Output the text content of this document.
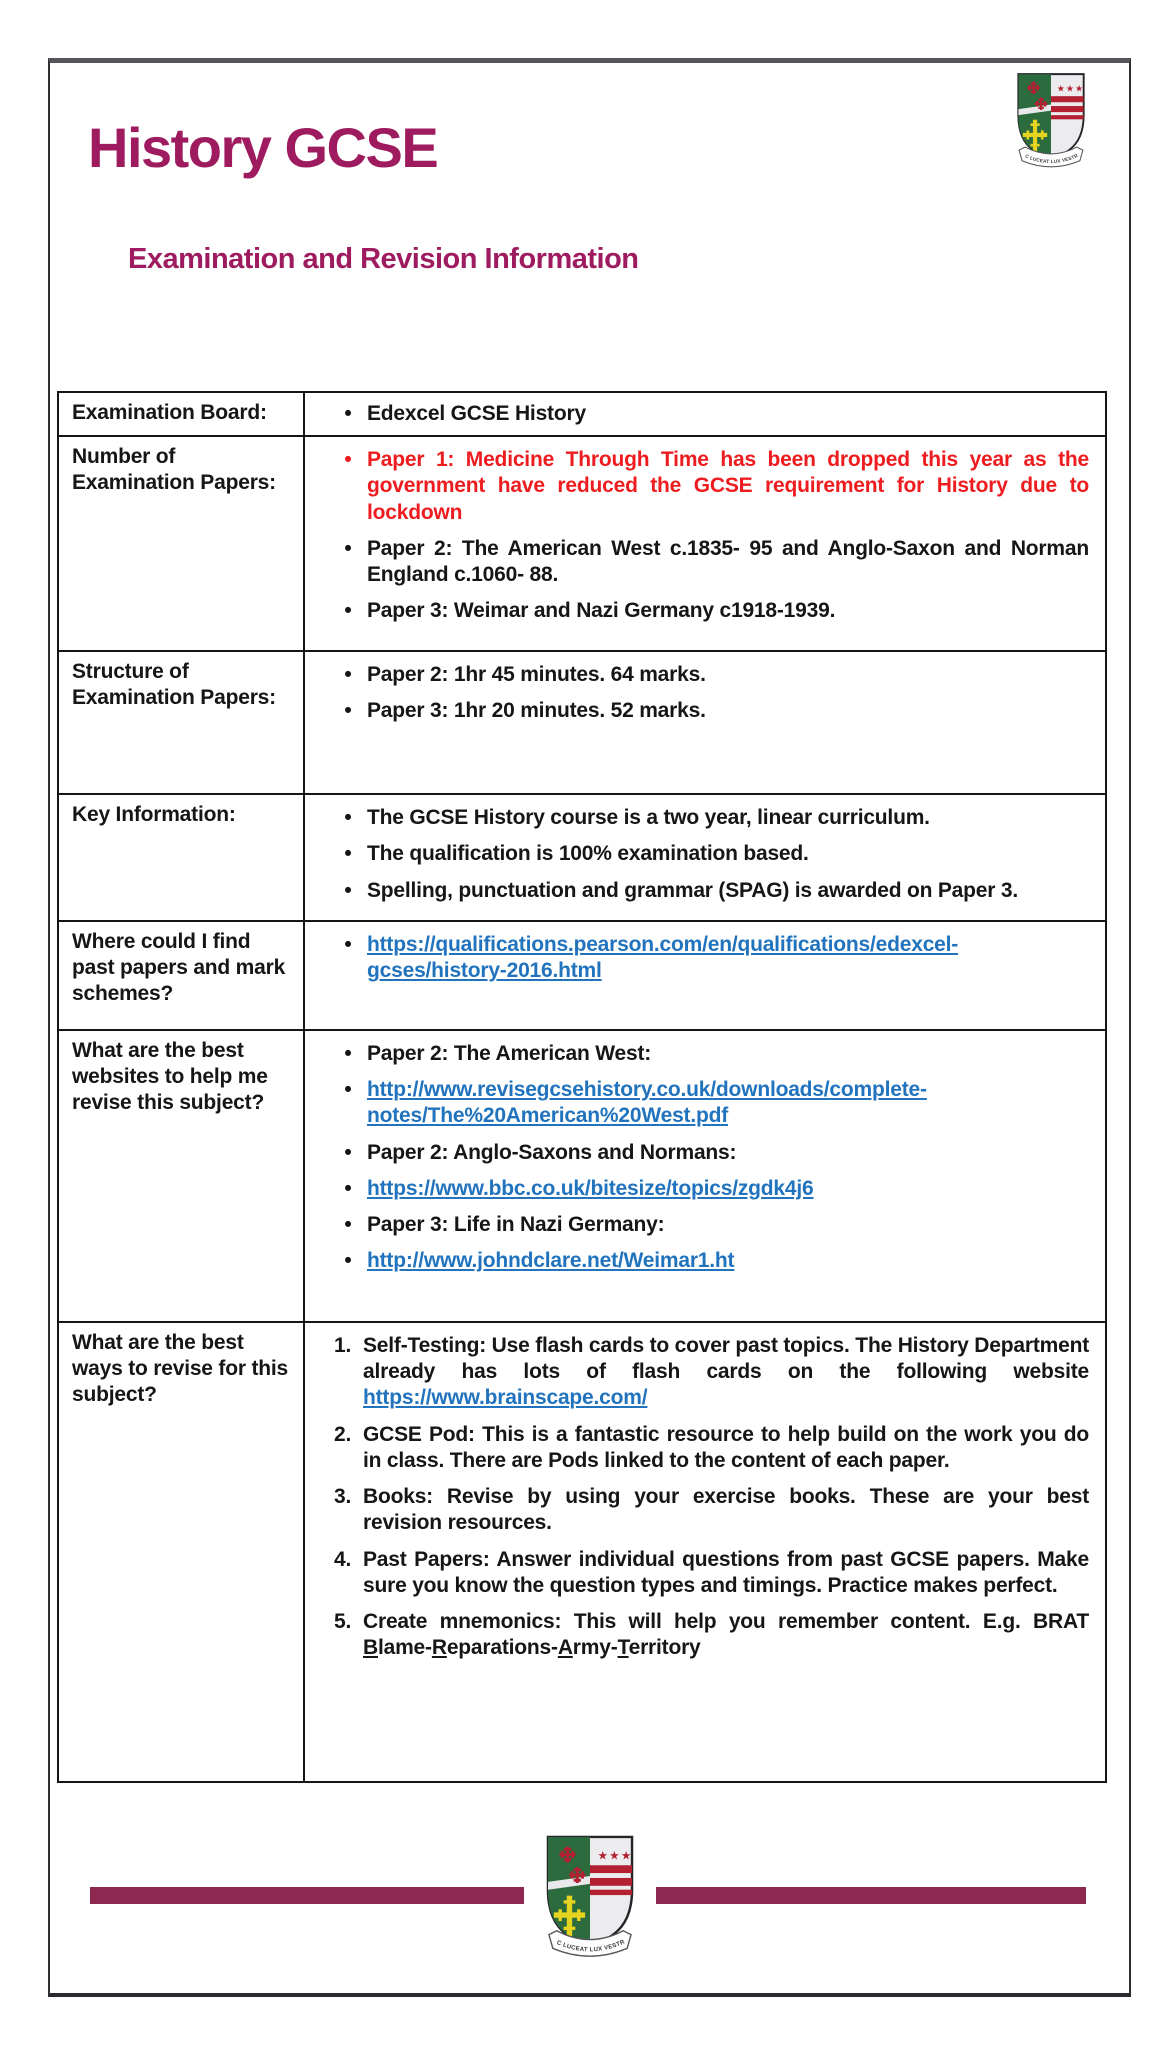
History GCSE
Examination and Revision Information
Examination Board:	• Edexcel GCSE History
Number of Examination Papers:
• Paper 1: Medicine Through Time has been dropped this year as the government have reduced the GCSE requirement for History due to lockdown
• Paper 2: The American West c.1835- 95 and Anglo-Saxon and Norman England c.1060- 88.
• Paper 3: Weimar and Nazi Germany c1918-1939.
Structure of Examination Papers:
• Paper 2: 1hr 45 minutes. 64 marks.
• Paper 3: 1hr 20 minutes. 52 marks.
Key Information:	• The GCSE History course is a two year, linear curriculum.
• The qualification is 100% examination based.
• Spelling, punctuation and grammar (SPAG) is awarded on Paper 3.
Where could I find past papers and mark schemes?
• https://qualifications.pearson.com/en/qualifications/edexcel-gcses/history-2016.html
What are the best websites to help me revise this subject?
• Paper 2: The American West:
• http://www.revisegcsehistory.co.uk/downloads/complete-notes/The%20American%20West.pdf
• Paper 2: Anglo-Saxons and Normans:
• https://www.bbc.co.uk/bitesize/topics/zgdk4j6
• Paper 3: Life in Nazi Germany:
• http://www.johndclare.net/Weimar1.ht
What are the best ways to revise for this subject?
1. Self-Testing: Use flash cards to cover past topics. The History Department already has lots of flash cards on the following website https://www.brainscape.com/
2. GCSE Pod: This is a fantastic resource to help build on the work you do in class. There are Pods linked to the content of each paper.
3. Books: Revise by using your exercise books. These are your best revision resources.
4. Past Papers: Answer individual questions from past GCSE papers. Make sure you know the question types and timings. Practice makes perfect.
5. Create mnemonics: This will help you remember content. E.g. BRAT Blame-Reparations-Army-Territory
